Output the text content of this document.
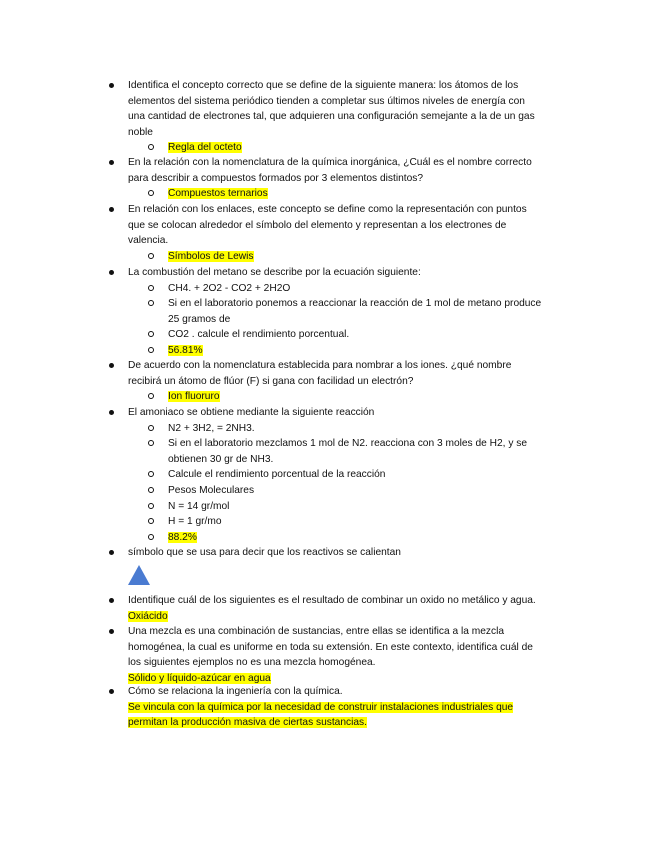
Identifica el concepto correcto que se define de la siguiente manera: los átomos de los
elementos del sistema periódico tienden a completar sus últimos niveles de energía con
una cantidad de electrones tal, que adquieren una configuración semejante a la de un gas
noble
Regla del octeto
En la relación con la nomenclatura de la química inorgánica, ¿Cuál es el nombre correcto
para describir a compuestos formados por 3 elementos distintos?
Compuestos ternarios
En relación con los enlaces, este concepto se define como la representación con puntos
que se colocan alrededor el símbolo del elemento y representan a los electrones de
valencia.
Símbolos de Lewis
La combustión del metano se describe por la ecuación siguiente:
CH4. + 2O2 - CO2 + 2H2O
Si en el laboratorio ponemos a reaccionar la reacción de 1 mol de metano produce
25 gramos de
CO2 . calcule el rendimiento porcentual.
56.81%
De acuerdo con la nomenclatura establecida para nombrar a los iones. ¿qué nombre
recibirá un átomo de flúor (F) si gana con facilidad un electrón?
Ion fluoruro
El amoniaco se obtiene mediante la siguiente reacción
N2 + 3H2, = 2NH3.
Si en el laboratorio mezclamos 1 mol de N2. reacciona con 3 moles de H2, y se
obtienen 30 gr de NH3.
Calcule el rendimiento porcentual de la reacción
Pesos Moleculares
N = 14 gr/mol
H = 1 gr/mo
88.2%
símbolo que se usa para decir que los reactivos se calientan
Identifique cuál de los siguientes es el resultado de combinar un oxido no metálico y agua.
Oxiácido
Una mezcla es una combinación de sustancias, entre ellas se identifica a la mezcla
homogénea, la cual es uniforme en toda su extensión. En este contexto, identifica cuál de
los siguientes ejemplos no es una mezcla homogénea.
Sólido y líquido-azúcar en agua
Cómo se relaciona la ingeniería con la química.
Se vincula con la química por la necesidad de construir instalaciones industriales que
permitan la producción masiva de ciertas sustancias.
